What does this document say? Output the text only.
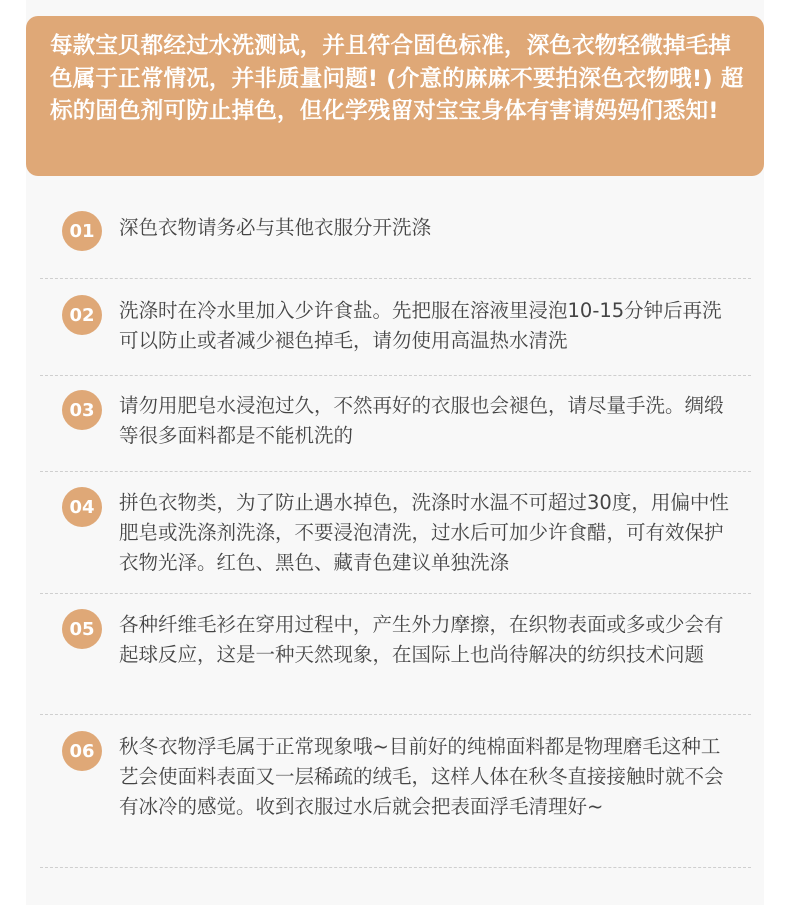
每款宝贝都经过水洗测试，并且符合固色标准，深色衣物轻微掉毛掉色属于正常情况，并非质量问题! (介意的麻麻不要拍深色衣物哦!) 超标的固色剂可防止掉色，但化学残留对宝宝身体有害请妈妈们悉知!
01	深色衣物请务必与其他衣服分开洗涤
02	洗涤时在冷水里加入少许食盐。先把服在溶液里浸泡10-15分钟后再洗可以防止或者减少褪色掉毛，请勿使用高温热水清洗
03	请勿用肥皂水浸泡过久，不然再好的衣服也会褪色，请尽量手洗。绸缎等很多面料都是不能机洗的
04	拼色衣物类，为了防止遇水掉色，洗涤时水温不可超过30度，用偏中性肥皂或洗涤剂洗涤，不要浸泡清洗，过水后可加少许食醋，可有效保护衣物光泽。红色、黑色、藏青色建议单独洗涤
05	各种纤维毛衫在穿用过程中，产生外力摩擦，在织物表面或多或少会有起球反应，这是一种天然现象，在国际上也尚待解决的纺织技术问题
06	秋冬衣物浮毛属于正常现象哦~目前好的纯棉面料都是物理磨毛这种工艺会使面料表面又一层稀疏的绒毛，这样人体在秋冬直接接触时就不会有冰冷的感觉。收到衣服过水后就会把表面浮毛清理好~
